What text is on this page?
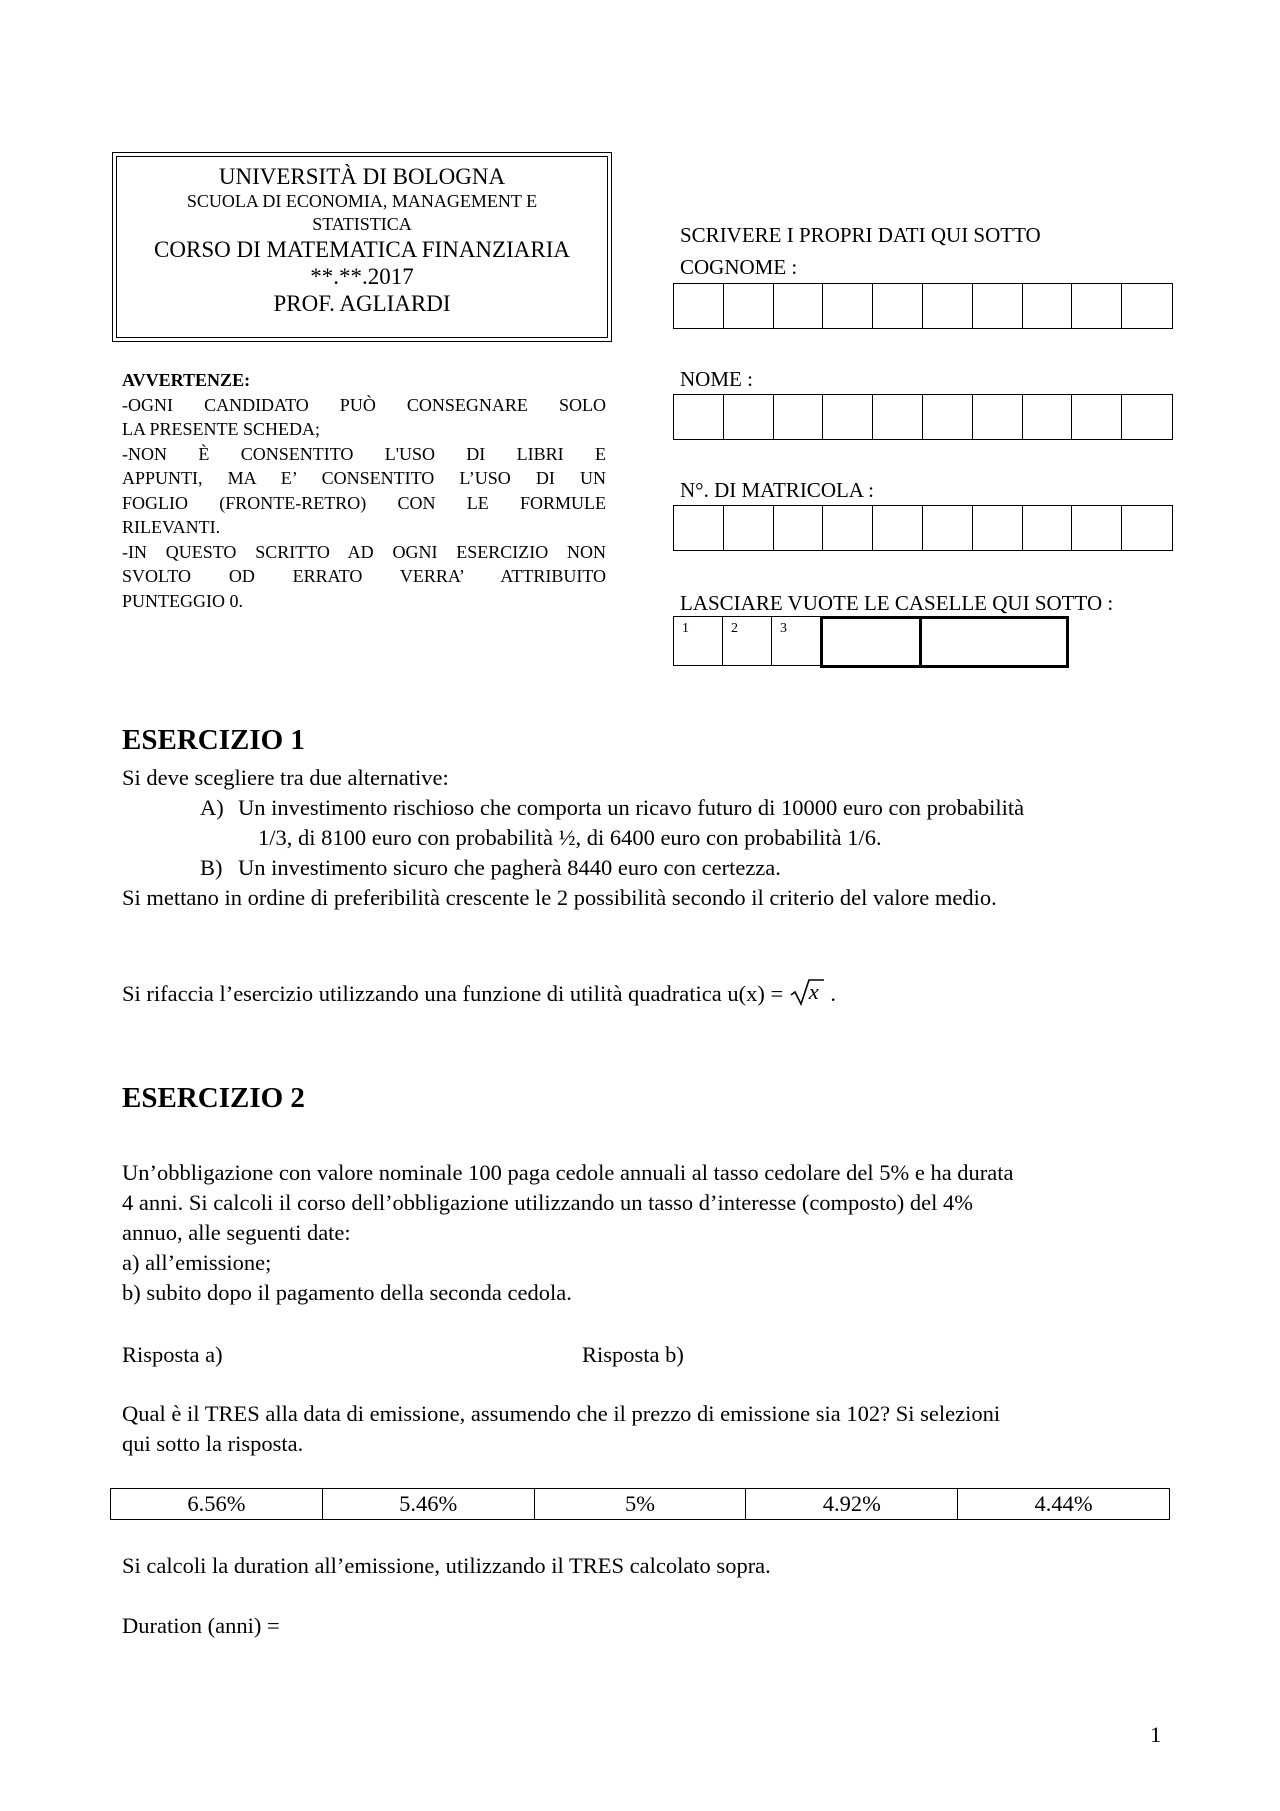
UNIVERSITÀ DI BOLOGNA
SCUOLA DI ECONOMIA, MANAGEMENT E
STATISTICA
CORSO DI MATEMATICA FINANZIARIA
**.**.2017
PROF. AGLIARDI

AVVERTENZE:

-OGNI CANDIDATO PUÒ CONSEGNARE SOLO

LA PRESENTE SCHEDA;

-NON È CONSENTITO L'USO DI LIBRI E

APPUNTI, MA E’ CONSENTITO L’USO DI UN

FOGLIO (FRONTE-RETRO) CON LE FORMULE

RILEVANTI.

-IN QUESTO SCRITTO AD OGNI ESERCIZIO NON

SVOLTO OD ERRATO VERRA’ ATTRIBUITO

PUNTEGGIO 0.

SCRIVERE I PROPRI DATI QUI SOTTO
COGNOME :
NOME :
N°. DI MATRICOLA :
LASCIARE VUOTE LE CASELLE QUI SOTTO :
1	2	3
ESERCIZIO 1
Si deve scegliere tra due alternative:
A) Un investimento rischioso che comporta un ricavo futuro di 10000 euro con probabilità
1/3, di 8100 euro con probabilità ½, di 6400 euro con probabilità 1/6.
B) Un investimento sicuro che pagherà 8440 euro con certezza.
Si mettano in ordine di preferibilità crescente le 2 possibilità secondo il criterio del valore medio.
Si rifaccia l’esercizio utilizzando una funzione di utilità quadratica u(x) = x .
ESERCIZIO 2
Un’obbligazione con valore nominale 100 paga cedole annuali al tasso cedolare del 5% e ha durata
4 anni. Si calcoli il corso dell’obbligazione utilizzando un tasso d’interesse (composto) del 4%
annuo, alle seguenti date:
a) all’emissione;
b) subito dopo il pagamento della seconda cedola.
Risposta a)	Risposta b)
Qual è il TRES alla data di emissione, assumendo che il prezzo di emissione sia 102? Si selezioni
qui sotto la risposta.
6.56%	5.46%	5%	4.92%	4.44%
Si calcoli la duration all’emissione, utilizzando il TRES calcolato sopra.
Duration (anni) =
1
